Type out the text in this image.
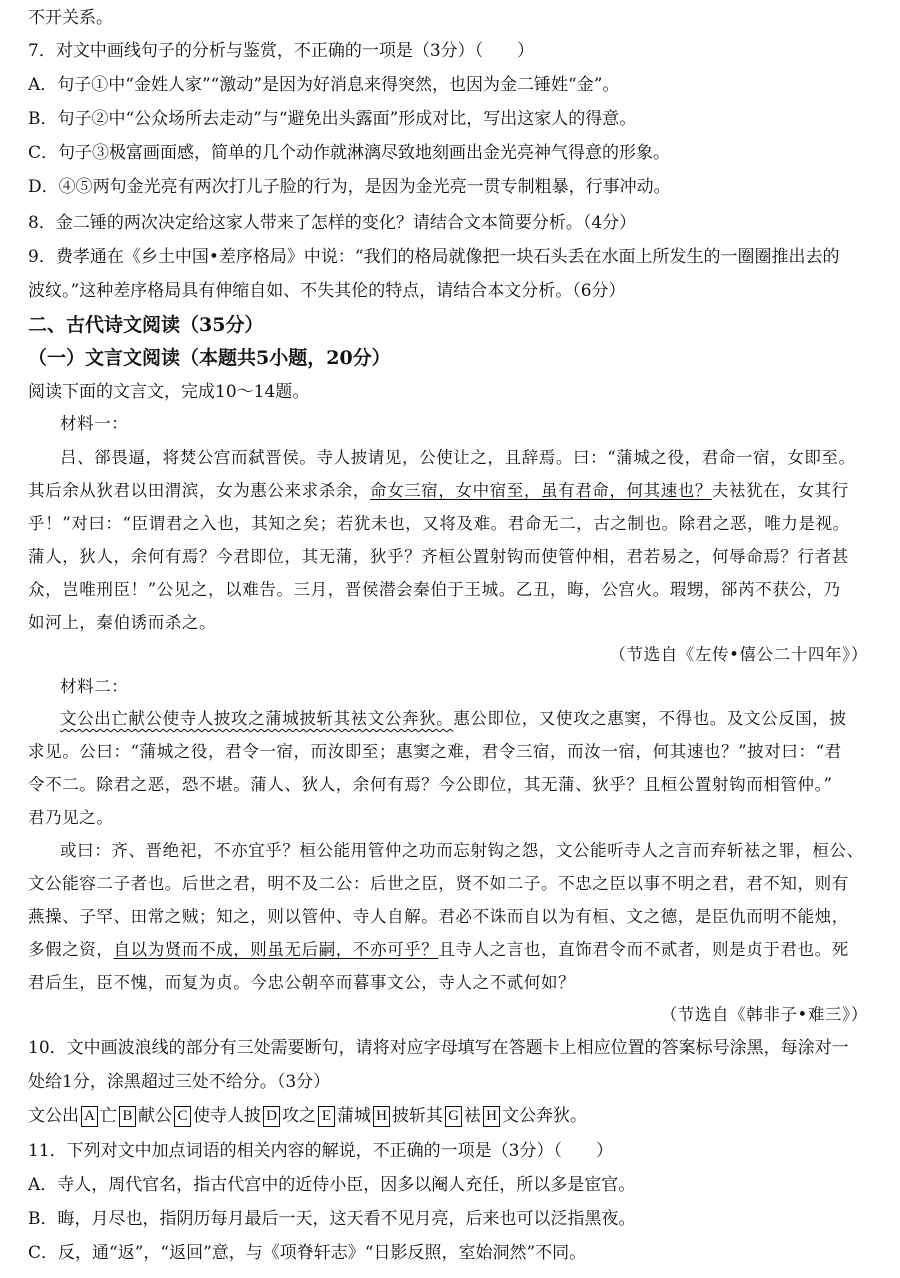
不开关系。
7．对文中画线句子的分析与鉴赏，不正确的一项是（3分）（　　）
A．句子①中“金姓人家”“激动”是因为好消息来得突然，也因为金二锤姓“金”。
B．句子②中“公众场所去走动”与“避免出头露面”形成对比，写出这家人的得意。
C．句子③极富画面感，简单的几个动作就淋漓尽致地刻画出金光亮神气得意的形象。
D．④⑤两句金光亮有两次打儿子脸的行为，是因为金光亮一贯专制粗暴，行事冲动。
8．金二锤的两次决定给这家人带来了怎样的变化？请结合文本简要分析。（4分）
9．费孝通在《乡土中国•差序格局》中说：“我们的格局就像把一块石头丢在水面上所发生的一圈圈推出去的
波纹。”这种差序格局具有伸缩自如、不失其伦的特点，请结合本文分析。（6分）
二、古代诗文阅读（35分）
（一）文言文阅读（本题共5小题，20分）
阅读下面的文言文，完成10～14题。
材料一：
吕、郤畏逼，将焚公宫而弑晋侯。寺人披请见，公使让之，且辞焉。曰：“蒲城之役，君命一宿，女即至。
其后余从狄君以田渭滨，女为惠公来求杀余，命女三宿，女中宿至，虽有君命，何其速也？夫袪犹在，女其行
乎！”对曰：“臣谓君之入也，其知之矣；若犹未也，又将及难。君命无二，古之制也。除君之恶，唯力是视。
蒲人，狄人，余何有焉？今君即位，其无蒲，狄乎？齐桓公置射钩而使管仲相，君若易之，何辱命焉？行者甚
众，岂唯刑臣！”公见之，以难告。三月，晋侯潜会秦伯于王城。乙丑，晦，公宫火。瑕甥，郤芮不获公，乃
如河上，秦伯诱而杀之。
（节选自《左传•僖公二十四年》）
材料二：
文公出亡献公使寺人披攻之蒲城披斩其袪文公奔狄。惠公即位，又使攻之惠窦，不得也。及文公反国，披
求见。公曰：“蒲城之役，君令一宿，而汝即至；惠窦之难，君令三宿，而汝一宿，何其速也？”披对曰：“君
令不二。除君之恶，恐不堪。蒲人、狄人，余何有焉？今公即位，其无蒲、狄乎？且桓公置射钩而相管仲。”
君乃见之。
或曰：齐、晋绝祀，不亦宜乎？桓公能用管仲之功而忘射钩之怨，文公能听寺人之言而弃斩袪之罪，桓公、
文公能容二子者也。后世之君，明不及二公：后世之臣，贤不如二子。不忠之臣以事不明之君，君不知，则有
燕操、子罕、田常之贼；知之，则以管仲、寺人自解。君必不诛而自以为有桓、文之德，是臣仇而明不能烛，
多假之资，自以为贤而不成，则虽无后嗣，不亦可乎？且寺人之言也，直饰君令而不贰者，则是贞于君也。死
君后生，臣不愧，而复为贞。今忠公朝卒而暮事文公，寺人之不贰何如？
（节选自《韩非子•难三》）
10．文中画波浪线的部分有三处需要断句，请将对应字母填写在答题卡上相应位置的答案标号涂黑，每涂对一
处给1分，涂黑超过三处不给分。（3分）
文公出 A 亡 B 献公 C 使寺人披 D 攻之 E 蒲城 H 披斩其 G 袪 H 文公奔狄。
11．下列对文中加点词语的相关内容的解说，不正确的一项是（3分）（　　）
A．寺人，周代官名，指古代宫中的近侍小臣，因多以阉人充任，所以多是宦官。
B．晦，月尽也，指阴历每月最后一天，这天看不见月亮，后来也可以泛指黑夜。
C．反，通“返”，“返回”意，与《项脊轩志》“日影反照，室始洞然”不同。
